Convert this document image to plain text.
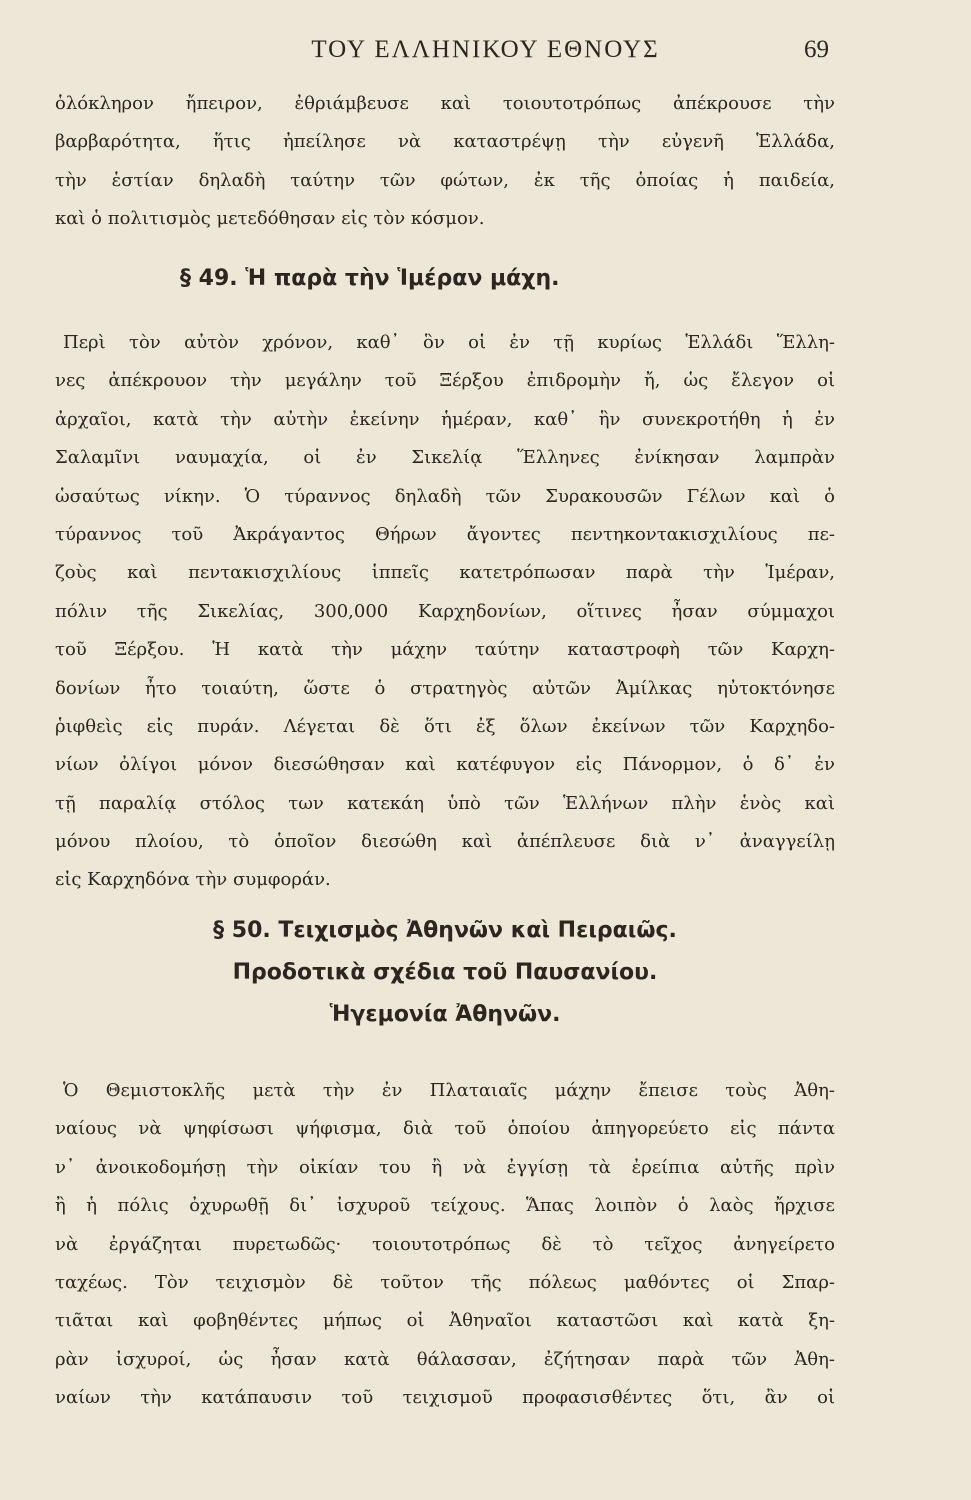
ΤΟΥ ΕΛΛΗΝΙΚΟΥ ΕΘΝΟΥΣ	69
ὁλόκληρον ἤπειρον, ἐθριάμβευσε καὶ τοιουτοτρόπως ἀπέκρουσε τὴν
βαρβαρότητα, ἥτις ἠπείλησε νὰ καταστρέψῃ τὴν εὐγενῆ Ἑλλάδα,
τὴν ἑστίαν δηλαδὴ ταύτην τῶν φώτων, ἐκ τῆς ὁποίας ἡ παιδεία,
καὶ ὁ πολιτισμὸς μετεδόθησαν εἰς τὸν κόσμον.
§ 49. Ἡ παρὰ τὴν Ἱμέραν μάχη.
Περὶ τὸν αὐτὸν χρόνον, καθ᾽ ὃν οἱ ἐν τῇ κυρίως Ἑλλάδι Ἕλλη-
νες ἀπέκρουον τὴν μεγάλην τοῦ Ξέρξου ἐπιδρομὴν ἤ, ὡς ἔλεγον οἱ
ἀρχαῖοι, κατὰ τὴν αὐτὴν ἐκείνην ἡμέραν, καθ᾽ ἣν συνεκροτήθη ἡ ἐν
Σαλαμῖνι ναυμαχία, οἱ ἐν Σικελίᾳ Ἕλληνες ἐνίκησαν λαμπρὰν
ὡσαύτως νίκην. Ὁ τύραννος δηλαδὴ τῶν Συρακουσῶν Γέλων καὶ ὁ
τύραννος τοῦ Ἀκράγαντος Θήρων ἄγοντες πεντηκοντακισχιλίους πε-
ζοὺς καὶ πεντακισχιλίους ἱππεῖς κατετρόπωσαν παρὰ τὴν Ἱμέραν,
πόλιν τῆς Σικελίας, 300,000 Καρχηδονίων, οἵτινες ἦσαν σύμμαχοι
τοῦ Ξέρξου. Ἡ κατὰ τὴν μάχην ταύτην καταστροφὴ τῶν Καρχη-
δονίων ἦτο τοιαύτη, ὥστε ὁ στρατηγὸς αὐτῶν Ἀμίλκας ηὐτοκτόνησε
ῥιφθεὶς εἰς πυράν. Λέγεται δὲ ὅτι ἐξ ὅλων ἐκείνων τῶν Καρχηδο-
νίων ὀλίγοι μόνον διεσώθησαν καὶ κατέφυγον εἰς Πάνορμον, ὁ δ᾽ ἐν
τῇ παραλίᾳ στόλος των κατεκάη ὑπὸ τῶν Ἑλλήνων πλὴν ἑνὸς καὶ
μόνου πλοίου, τὸ ὁποῖον διεσώθη καὶ ἀπέπλευσε διὰ ν᾽ ἀναγγείλῃ
εἰς Καρχηδόνα τὴν συμφοράν.
§ 50. Τειχισμὸς Ἀθηνῶν καὶ Πειραιῶς.
Προδοτικὰ σχέδια τοῦ Παυσανίου.
Ἡγεμονία Ἀθηνῶν.
Ὁ Θεμιστοκλῆς μετὰ τὴν ἐν Πλαταιαῖς μάχην ἔπεισε τοὺς Ἀθη-
ναίους νὰ ψηφίσωσι ψήφισμα, διὰ τοῦ ὁποίου ἀπηγορεύετο εἰς πάντα
ν᾽ ἀνοικοδομήσῃ τὴν οἰκίαν του ἢ νὰ ἐγγίσῃ τὰ ἐρείπια αὐτῆς πρὶν
ἢ ἡ πόλις ὀχυρωθῇ δι᾽ ἰσχυροῦ τείχους. Ἅπας λοιπὸν ὁ λαὸς ἤρχισε
νὰ ἐργάζηται πυρετωδῶς· τοιουτοτρόπως δὲ τὸ τεῖχος ἀνηγείρετο
ταχέως. Τὸν τειχισμὸν δὲ τοῦτον τῆς πόλεως μαθόντες οἱ Σπαρ-
τιᾶται καὶ φοβηθέντες μήπως οἱ Ἀθηναῖοι καταστῶσι καὶ κατὰ ξη-
ρὰν ἰσχυροί, ὡς ἦσαν κατὰ θάλασσαν, ἐζήτησαν παρὰ τῶν Ἀθη-
ναίων τὴν κατάπαυσιν τοῦ τειχισμοῦ προφασισθέντες ὅτι, ἂν οἱ
